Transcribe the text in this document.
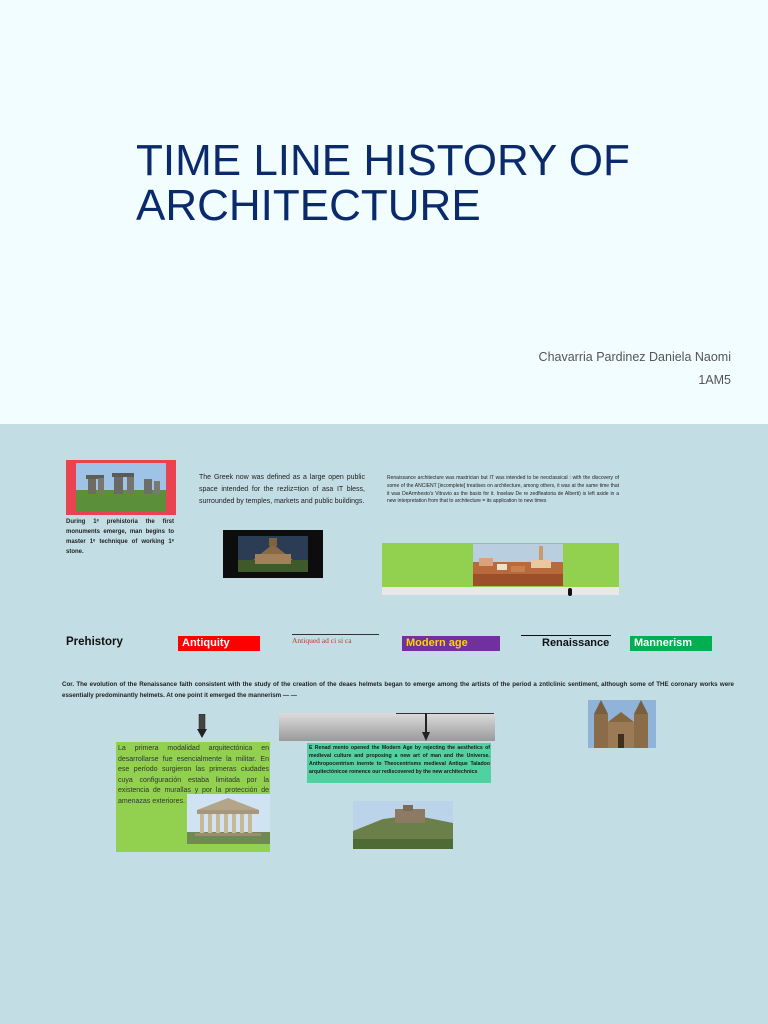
TIME LINE HISTORY OF
ARCHITECTURE
Chavarria Pardinez Daniela Naomi
1AM5
During 1ᵉ prehistoria the first monuments emerge, man begins to master 1ᵉ technique of working 1ᵉ stone.
The Greek now was defined as a large open public space intended for the rezliz=tion of asa IT bless, surrounded by temples, markets and public buildings.
Renaissance architecture was mastrician but IT was intended to be neoclassical : with the discovery of some of the ANCIENT [incomplete] treatises on architecture, among others, it was at the same time that it was DeArmhesto's Vitruvio as the basis for it. Inselaw De re zedfleatoria de Alberti) is left aside in a new interpretation from that to architecture = its application to new times
Prehistory	Antiquity	Antiqued ad ci si ca	Modern age	Renaissance	Mannerism
Cor. The evolution of the Renaissance faith consistent with the study of the creation of the deaes helmets began to emerge among the artists of the period a zntlclinic sentiment, although some of THE coronary works were essentially predominantly helmets. At one point it emerged the mannerism — —
La primera modalidad arquitectónica en desarrollarse fue esencialmente la militar. En ese período surgieron las primeras ciudades cuya configuración estaba limitada por la existencia de murallas y por la protección de amenazas exteriores.
E Renad mento opened the Modern Age by rejecting the aesthetics of medieval culture and proposing a new art of man and the Universe. Anthropocentrism inernte to Theocentrisms medieval Antique Taladoo arquitectónicoe romence our rediscovered by the new architechnics
